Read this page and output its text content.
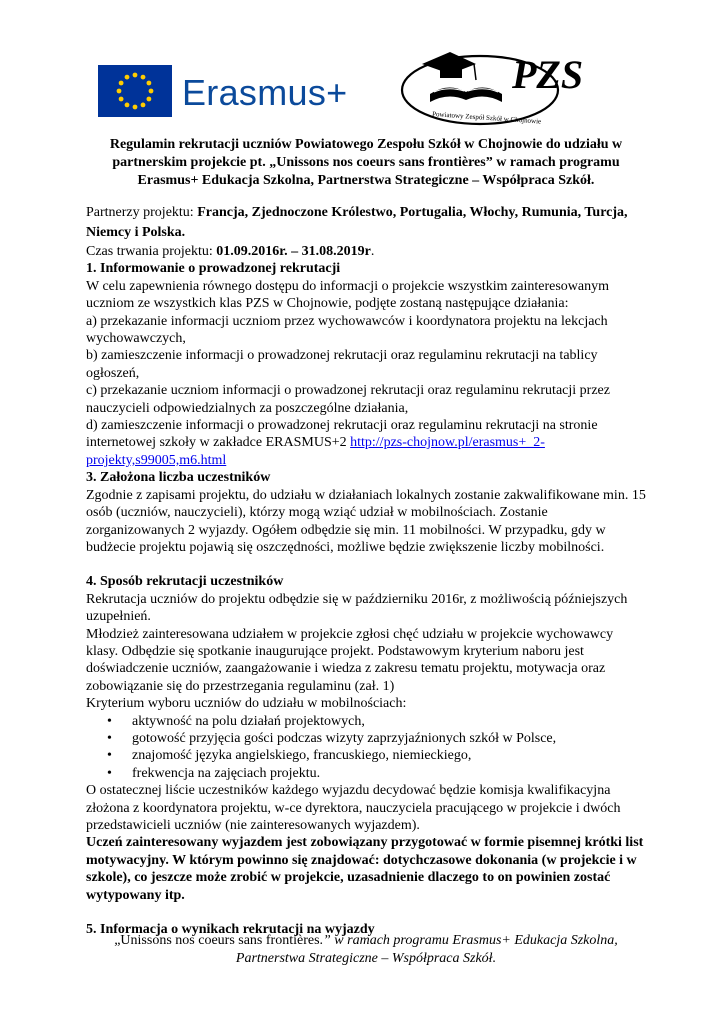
Erasmus+
Powiatowy Zespół Szkół w Chojnowie
PZS

Regulamin rekrutacji uczniów Powiatowego Zespołu Szkół w Chojnowie do udziału w partnerskim projekcie pt. „Unissons nos coeurs sans frontières” w ramach programu Erasmus+ Edukacja Szkolna, Partnerstwa Strategiczne – Współpraca Szkół.

Partnerzy projektu: Francja, Zjednoczone Królestwo, Portugalia, Włochy, Rumunia, Turcja, Niemcy i Polska.

Czas trwania projektu: 01.09.2016r. – 31.08.2019r.

1. Informowanie o prowadzonej rekrutacji

W celu zapewnienia równego dostępu do informacji o projekcie wszystkim zainteresowanym uczniom ze wszystkich klas PZS w Chojnowie, podjęte zostaną następujące działania:

a) przekazanie informacji uczniom przez wychowawców i koordynatora projektu na lekcjach wychowawczych,

b) zamieszczenie informacji o prowadzonej rekrutacji oraz regulaminu rekrutacji na tablicy ogłoszeń,

c) przekazanie uczniom informacji o prowadzonej rekrutacji oraz regulaminu rekrutacji przez nauczycieli odpowiedzialnych za poszczególne działania,

d) zamieszczenie informacji o prowadzonej rekrutacji oraz regulaminu rekrutacji na stronie internetowej szkoły w zakładce ERASMUS+2 http://pzs-chojnow.pl/erasmus+_2-projekty,s99005,m6.html

3. Założona liczba uczestników

Zgodnie z zapisami projektu, do udziału w działaniach lokalnych zostanie zakwalifikowane min. 15 osób (uczniów, nauczycieli), którzy mogą wziąć udział w mobilnościach. Zostanie zorganizowanych 2 wyjazdy. Ogółem odbędzie się min. 11 mobilności. W przypadku, gdy w budżecie projektu pojawią się oszczędności, możliwe będzie zwiększenie liczby mobilności.

4. Sposób rekrutacji uczestników

Rekrutacja uczniów do projektu odbędzie się w październiku 2016r, z możliwością późniejszych uzupełnień.

Młodzież zainteresowana udziałem w projekcie zgłosi chęć udziału w projekcie wychowawcy klasy. Odbędzie się spotkanie inaugurujące projekt. Podstawowym kryterium naboru jest doświadczenie uczniów, zaangażowanie i wiedza z zakresu tematu projektu, motywacja oraz zobowiązanie się do przestrzegania regulaminu (zał. 1)

Kryterium wyboru uczniów do udziału w mobilnościach:

• aktywność na polu działań projektowych,
• gotowość przyjęcia gości podczas wizyty zaprzyjaźnionych szkół w Polsce,
• znajomość języka angielskiego, francuskiego, niemieckiego,
• frekwencja na zajęciach projektu.

O ostatecznej liście uczestników każdego wyjazdu decydować będzie komisja kwalifikacyjna złożona z koordynatora projektu, w-ce dyrektora, nauczyciela pracującego w projekcie i dwóch przedstawicieli uczniów (nie zainteresowanych wyjazdem).

Uczeń zainteresowany wyjazdem jest zobowiązany przygotować w formie pisemnej krótki list motywacyjny. W którym powinno się znajdować: dotychczasowe dokonania (w projekcie i w szkole), co jeszcze może zrobić w projekcie, uzasadnienie dlaczego to on powinien zostać wytypowany itp.

5. Informacja o wynikach rekrutacji na wyjazdy
„Unissons nos coeurs sans frontières.” w ramach programu Erasmus+ Edukacja Szkolna, Partnerstwa Strategiczne – Współpraca Szkół.
